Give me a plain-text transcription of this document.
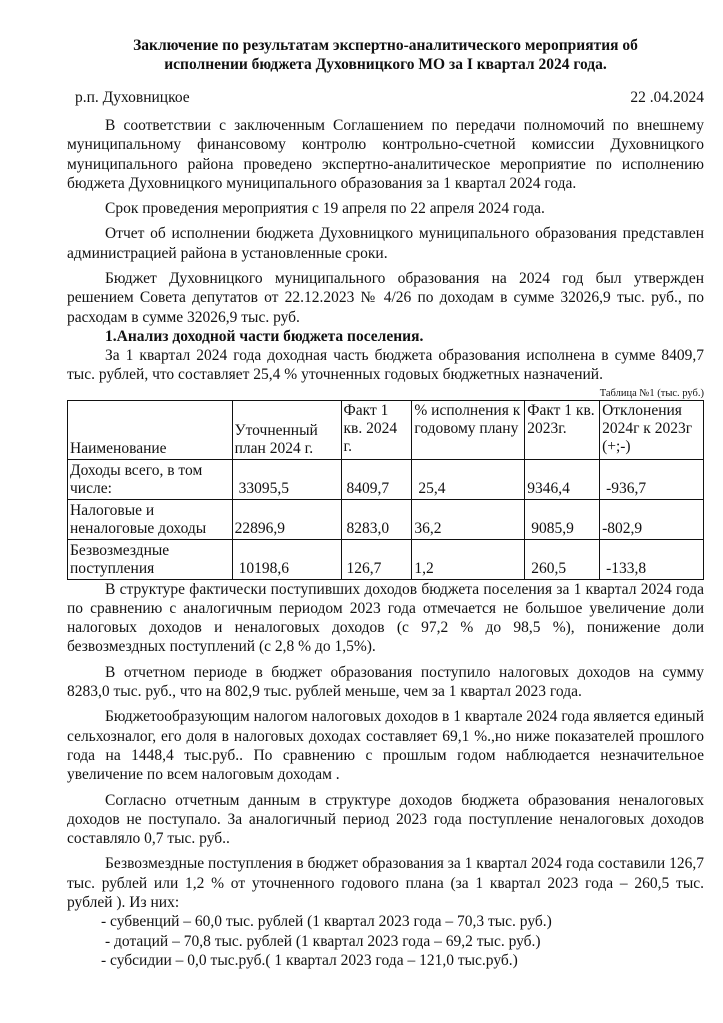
Заключение по результатам экспертно-аналитического мероприятия об

исполнении бюджета Духовницкого МО за I квартал 2024 года.

р.п. Духовницкое	22 .04.2024

В соответствии с заключенным Соглашением по передачи полномочий по внешнему муниципальному финансовому контролю контрольно-счетной комиссии Духовницкого муниципального района проведено экспертно-аналитическое мероприятие по исполнению бюджета Духовницкого муниципального образования за 1 квартал 2024 года.

Срок проведения мероприятия с 19 апреля по 22 апреля 2024 года.

Отчет об исполнении бюджета Духовницкого муниципального образования представлен администрацией района в установленные сроки.

Бюджет Духовницкого муниципального образования на 2024 год был утвержден решением Совета депутатов от 22.12.2023 № 4/26 по доходам в сумме 32026,9 тыс. руб., по расходам в сумме 32026,9 тыс. руб.

1.Анализ доходной части бюджета поселения.

За 1 квартал 2024 года доходная часть бюджета образования исполнена в сумме 8409,7 тыс. рублей, что составляет 25,4 % уточненных годовых бюджетных назначений.

Таблица №1 (тыс. руб.)
Наименование	Уточненный план 2024 г.	Факт 1 кв. 2024 г.	% исполнения к годовому плану	Факт 1 кв. 2023г.	Отклонения 2024г к 2023г (+;-)
Доходы всего, в том числе:	33095,5	8409,7	25,4	9346,4	-936,7
Налоговые и неналоговые доходы	22896,9	8283,0	36,2	9085,9	-802,9
Безвозмездные поступления	10198,6	126,7	1,2	260,5	-133,8

В структуре фактически поступивших доходов бюджета поселения за 1 квартал 2024 года по сравнению с аналогичным периодом 2023 года отмечается не большое увеличение доли налоговых доходов и неналоговых доходов (с 97,2 % до 98,5 %), понижение доли безвозмездных поступлений (с 2,8 % до 1,5%).

В отчетном периоде в бюджет образования поступило налоговых доходов на сумму 8283,0 тыс. руб., что на 802,9 тыс. рублей меньше, чем за 1 квартал 2023 года.

Бюджетообразующим налогом налоговых доходов в 1 квартале 2024 года является единый сельхозналог, его доля в налоговых доходах составляет 69,1 %.,но ниже показателей прошлого года на 1448,4 тыс.руб.. По сравнению с прошлым годом наблюдается незначительное увеличение по всем налоговым доходам .

Согласно отчетным данным в структуре доходов бюджета образования неналоговых доходов не поступало. За аналогичный период 2023 года поступление неналоговых доходов составляло 0,7 тыс. руб..

Безвозмездные поступления в бюджет образования за 1 квартал 2024 года составили 126,7 тыс. рублей или 1,2 % от уточненного годового плана (за 1 квартал 2023 года – 260,5 тыс. рублей ). Из них:

- субвенций – 60,0 тыс. рублей (1 квартал 2023 года – 70,3 тыс. руб.)
- дотаций – 70,8 тыс. рублей (1 квартал 2023 года – 69,2 тыс. руб.)
- субсидии – 0,0 тыс.руб.( 1 квартал 2023 года – 121,0 тыс.руб.)
